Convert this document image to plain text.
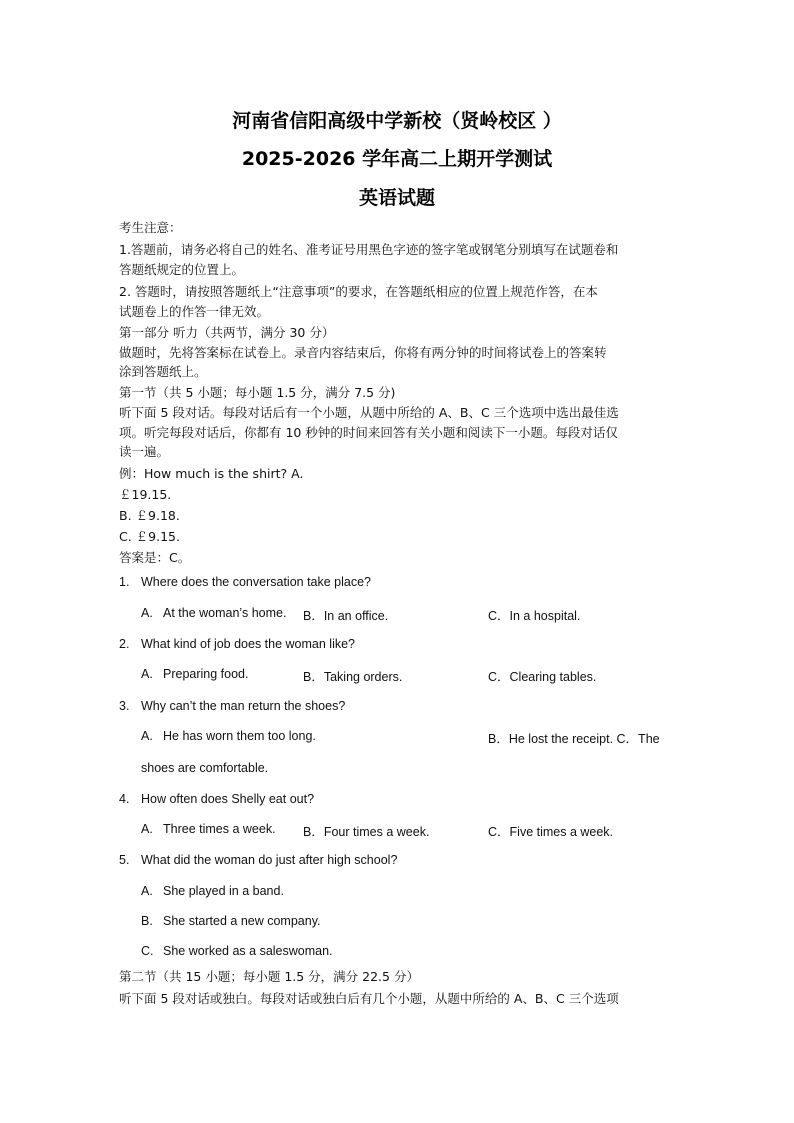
河南省信阳高级中学新校（贤岭校区 ）
2025-2026 学年高二上期开学测试
英语试题
考生注意：
1.答题前，请务必将自己的姓名、准考证号用黑色字迹的签字笔或钢笔分别填写在试题卷和
答题纸规定的位置上。
2. 答题时，请按照答题纸上“注意事项”的要求，在答题纸相应的位置上规范作答，在本
试题卷上的作答一律无效。
第一部分 听力（共两节，满分 30 分）
做题时，先将答案标在试卷上。录音内容结束后，你将有两分钟的时间将试卷上的答案转
涂到答题纸上。
第一节（共 5 小题；每小题 1.5 分，满分 7.5 分)
听下面 5 段对话。每段对话后有一个小题，从题中所给的 A、B、C 三个选项中选出最佳选
项。听完每段对话后，你都有 10 秒钟的时间来回答有关小题和阅读下一小题。每段对话仅
读一遍。
例：How much is the shirt? A.
￡19.15.
B. ￡9.18.
C. ￡9.15.
答案是：C。
1. Where does the conversation take place?
A. At the woman’s home. B．In an office.	C．In a hospital.
2. What kind of job does the woman like?
A. Preparing food.	B．Taking orders.	C．Clearing tables.
3. Why can’t the man return the shoes?
A. He has worn them too long.	B．He lost the receipt. C．The
shoes are comfortable.
4. How often does Shelly eat out?
A. Three times a week. B．Four times a week.	C．Five times a week.
5. What did the woman do just after high school?
A. She played in a band.
B. She started a new company.
C. She worked as a saleswoman.
第二节（共 15 小题；每小题 1.5 分，满分 22.5 分）
听下面 5 段对话或独白。每段对话或独白后有几个小题，从题中所给的 A、B、C 三个选项
